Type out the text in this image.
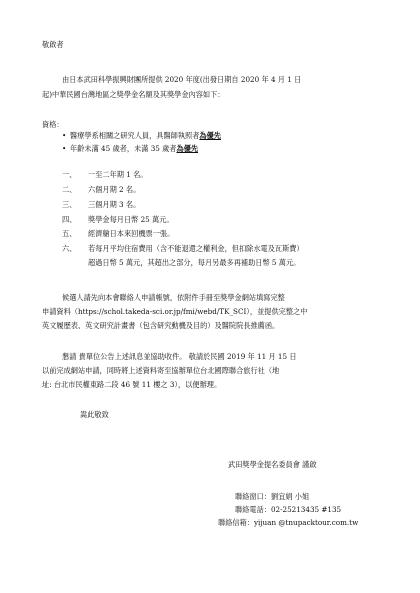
敬啟者
由日本武田科學振興財團所提供 2020 年度(出發日期自 2020 年 4 月 1 日
起)中華民國台灣地區之獎學金名額及其獎學金內容如下：
資格：
• 醫療學系相關之研究人員，具醫師執照者為優先
• 年齡未滿 45 歲者，未滿 35 歲者為優先
一、 一至二年期 1 名。
二、 六個月期 2 名。
三、 三個月期 3 名。
四、 獎學金每月日幣 25 萬元。
五、 經濟艙日本來回機票一張。
六、 若每月平均住宿費用（含不能退還之權利金，但扣除水電及瓦斯費）
超過日幣 5 萬元，其超出之部分，每月另最多再補助日幣 5 萬元。
候選人請先向本會聯絡人申請帳號，依附件手冊至獎學金網站填寫完整
申請資料（https://schol.takeda-sci.or.jp/fmi/webd/TK_SCI），並提供完整之中
英文履歷表、英文研究計畫書（包含研究動機及目的）及醫院院長推薦函。
懇請 貴單位公告上述訊息並協助收件。 敬請於民國 2019 年 11 月 15 日
以前完成網站申請，同時將上述資料寄至協辦單位台北國際聯合旅行社（地
址: 台北市民權東路二段 46 號 11 樓之 3），以便辦理。
嵩此敬致
武田獎學金提名委員會 謹啟
聯絡窗口：劉宜娟 小姐
聯絡電話：02-25213435 #135
聯絡信箱：yijuan @tnupacktour.com.tw
